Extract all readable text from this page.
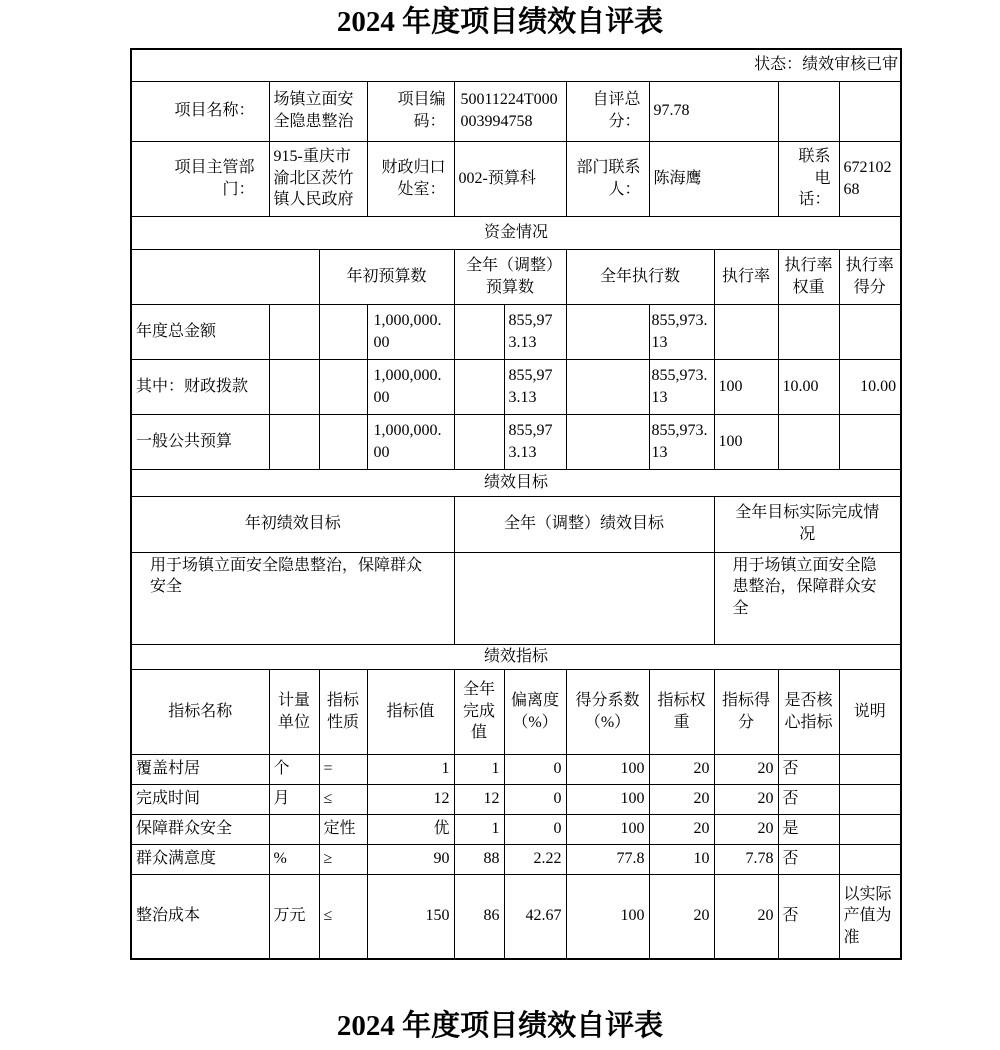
2024 年度项目绩效自评表
状态：绩效审核已审										
项目名称：	场镇立面安全隐患整治		项目编码：	50011224T000003994758		自评总分：	97.78			
项目主管部门：	915-重庆市渝北区茨竹镇人民政府		财政归口处室：	002-预算科		部门联系人：	陈海鹰		联系电话：	67210268
资金情况										
		年初预算数		全年（调整）预算数		全年执行数		执行率	执行率权重	执行率得分
年度总金额			1,000,000.00		855,973.13		855,973.13			
其中：财政拨款			1,000,000.00		855,973.13		855,973.13	100	10.00	10.00
一般公共预算			1,000,000.00		855,973.13		855,973.13	100		
绩效目标										
年初绩效目标				全年（调整）绩效目标				全年目标实际完成情况		
用于场镇立面安全隐患整治，保障群众安全								用于场镇立面安全隐患整治，保障群众安全		
绩效指标										
指标名称	计量单位	指标性质	指标值	全年完成值	偏离度（%）	得分系数（%）	指标权重	指标得分	是否核心指标	说明
覆盖村居	个	=	1	1	0	100	20	20	否	
完成时间	月	≤	12	12	0	100	20	20	否	
保障群众安全		定性	优	1	0	100	20	20	是	
群众满意度	%	≥	90	88	2.22	77.8	10	7.78	否	
整治成本	万元	≤	150	86	42.67	100	20	20	否	以实际产值为准
2024 年度项目绩效自评表
